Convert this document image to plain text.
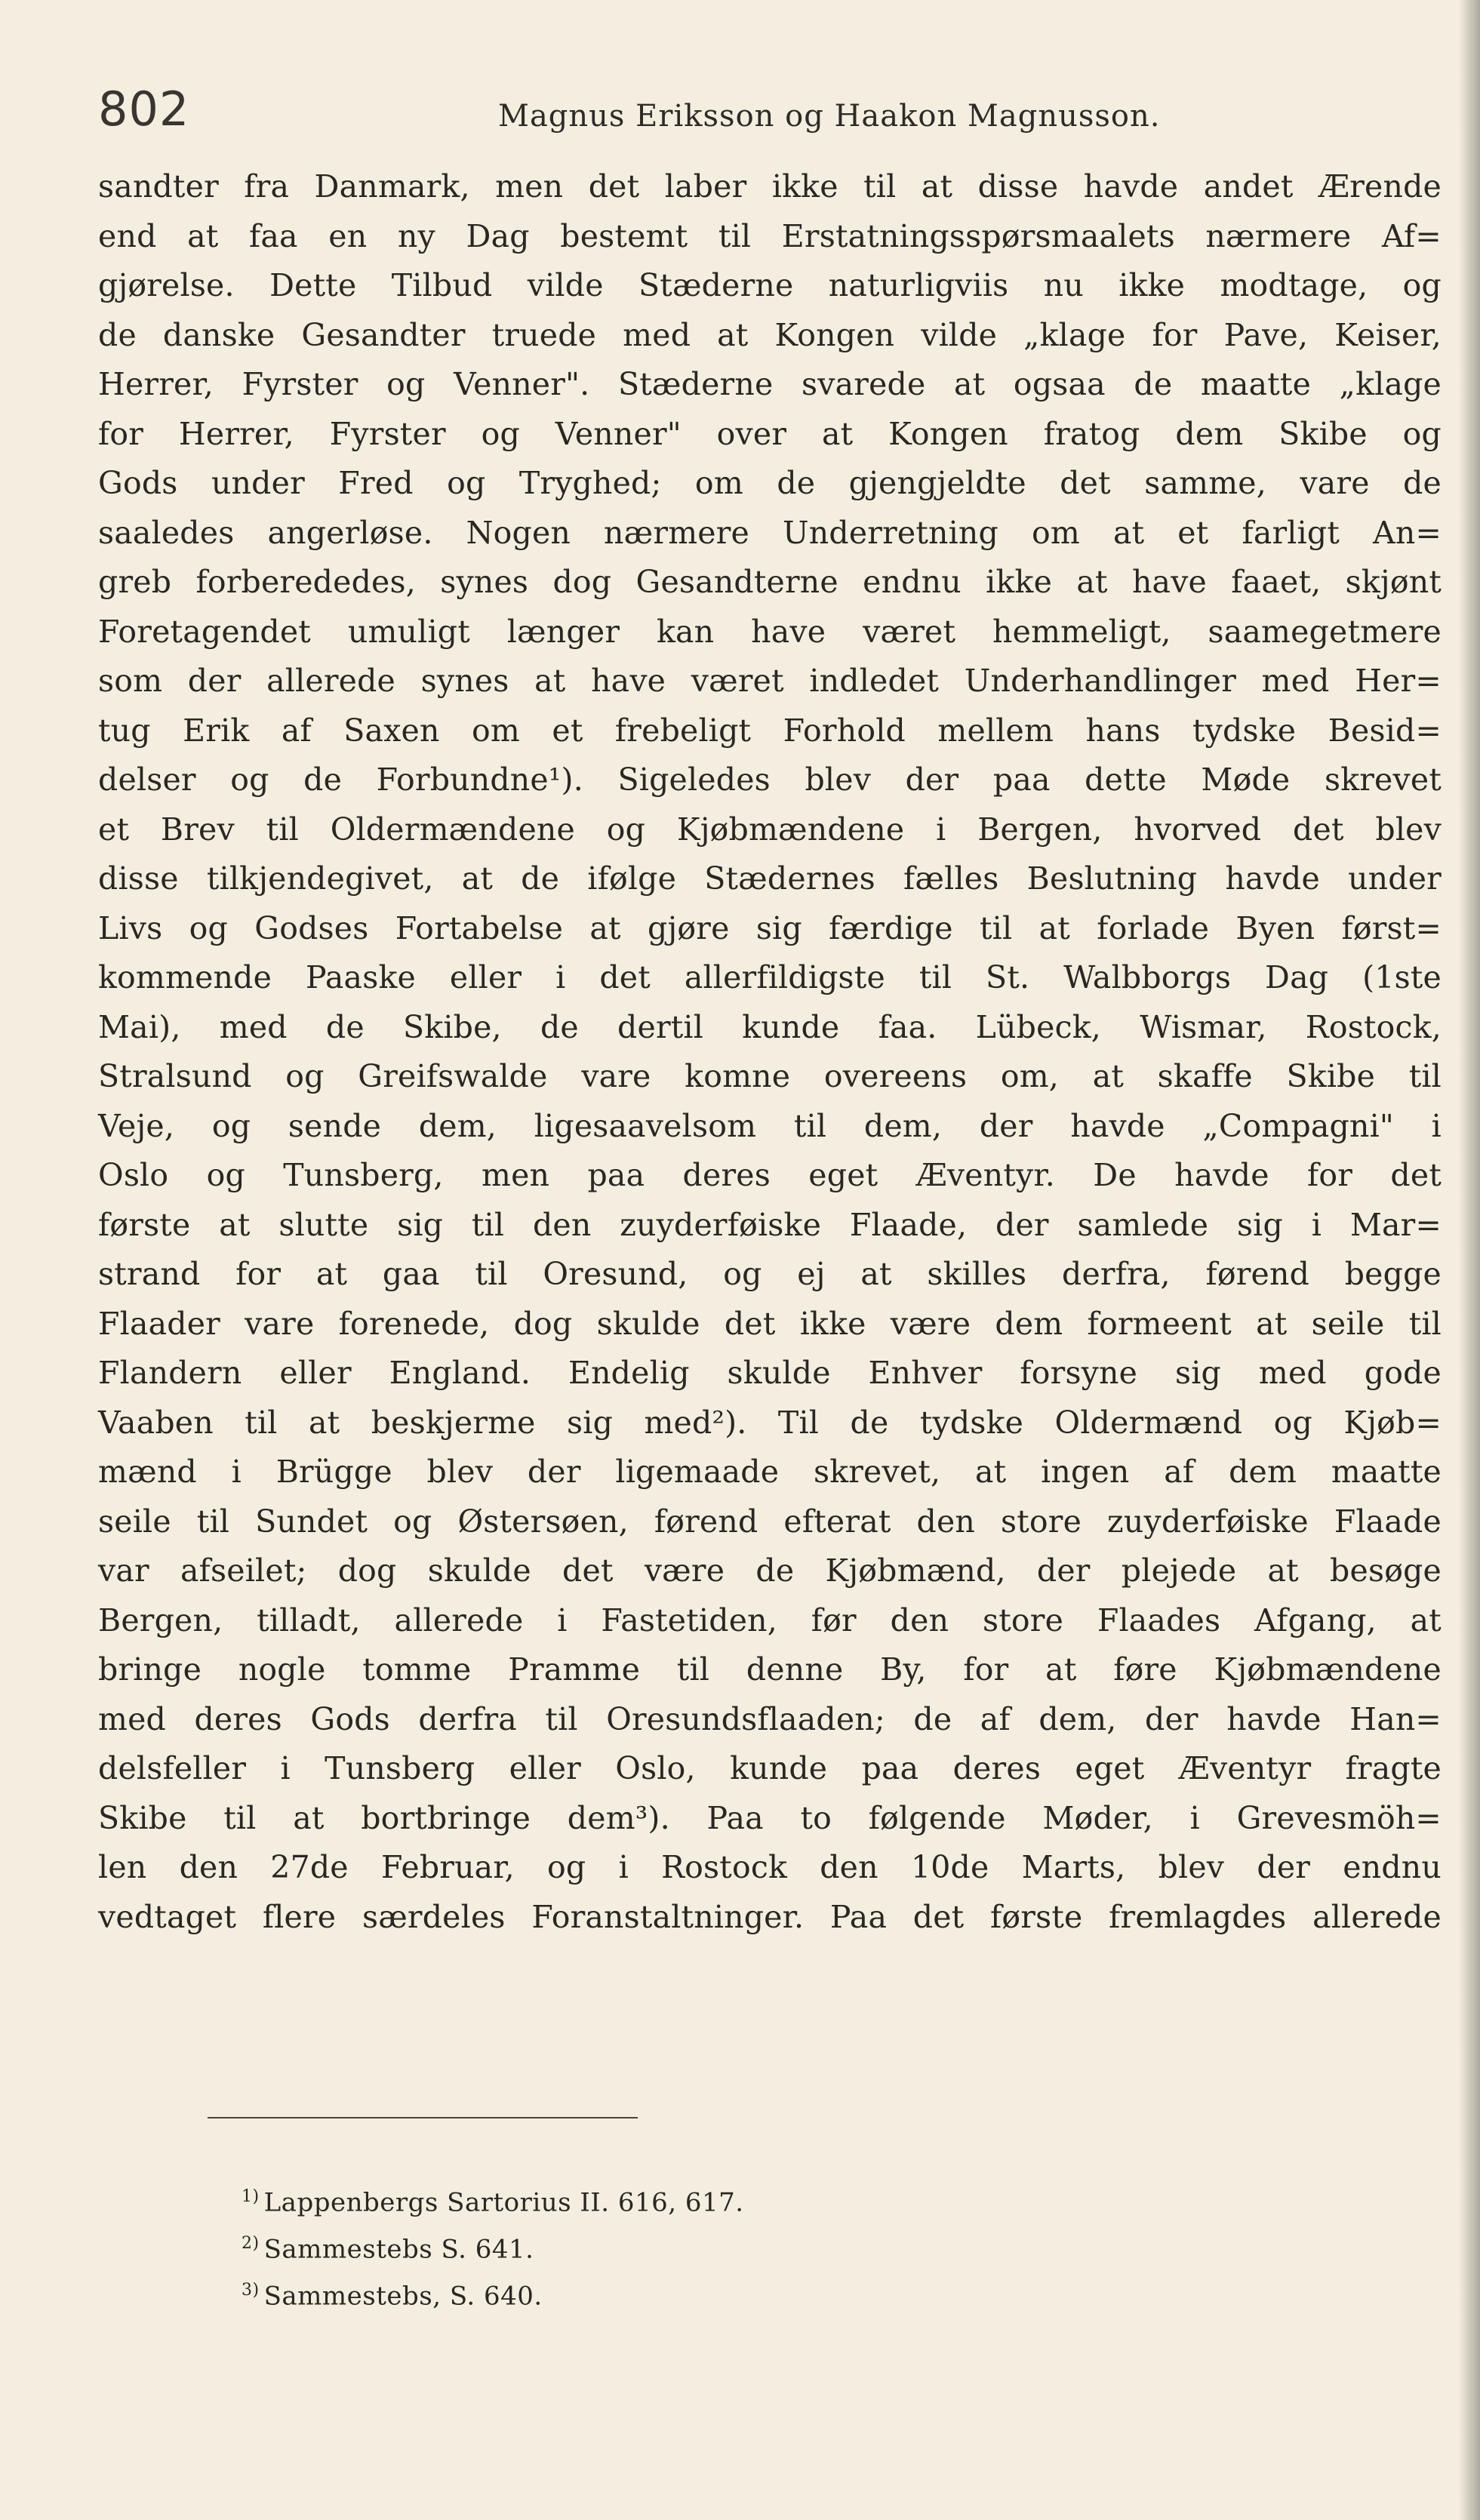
802	Magnus Eriksson og Haakon Magnusson.
sandter fra Danmark, men det laber ikke til at disse havde andet Ærende
end at faa en ny Dag bestemt til Erstatningsspørsmaalets nærmere Af=
gjørelse. Dette Tilbud vilde Stæderne naturligviis nu ikke modtage, og
de danske Gesandter truede med at Kongen vilde „klage for Pave, Keiser,
Herrer, Fyrster og Venner". Stæderne svarede at ogsaa de maatte „klage
for Herrer, Fyrster og Venner" over at Kongen fratog dem Skibe og
Gods under Fred og Tryghed; om de gjengjeldte det samme, vare de
saaledes angerløse. Nogen nærmere Underretning om at et farligt An=
greb forberededes, synes dog Gesandterne endnu ikke at have faaet, skjønt
Foretagendet umuligt længer kan have været hemmeligt, saamegetmere
som der allerede synes at have været indledet Underhandlinger med Her=
tug Erik af Saxen om et frebeligt Forhold mellem hans tydske Besid=
delser og de Forbundne¹). Sigeledes blev der paa dette Møde skrevet
et Brev til Oldermændene og Kjøbmændene i Bergen, hvorved det blev
disse tilkjendegivet, at de ifølge Stædernes fælles Beslutning havde under
Livs og Godses Fortabelse at gjøre sig færdige til at forlade Byen først=
kommende Paaske eller i det allerfildigste til St. Walbborgs Dag (1ste
Mai), med de Skibe, de dertil kunde faa. Lübeck, Wismar, Rostock,
Stralsund og Greifswalde vare komne overeens om, at skaffe Skibe til
Veje, og sende dem, ligesaavelsom til dem, der havde „Compagni" i
Oslo og Tunsberg, men paa deres eget Æventyr. De havde for det
første at slutte sig til den zuyderføiske Flaade, der samlede sig i Mar=
strand for at gaa til Oresund, og ej at skilles derfra, førend begge
Flaader vare forenede, dog skulde det ikke være dem formeent at seile til
Flandern eller England. Endelig skulde Enhver forsyne sig med gode
Vaaben til at beskjerme sig med²). Til de tydske Oldermænd og Kjøb=
mænd i Brügge blev der ligemaade skrevet, at ingen af dem maatte
seile til Sundet og Østersøen, førend efterat den store zuyderføiske Flaade
var afseilet; dog skulde det være de Kjøbmænd, der plejede at besøge
Bergen, tilladt, allerede i Fastetiden, før den store Flaades Afgang, at
bringe nogle tomme Pramme til denne By, for at føre Kjøbmændene
med deres Gods derfra til Oresundsflaaden; de af dem, der havde Han=
delsfeller i Tunsberg eller Oslo, kunde paa deres eget Æventyr fragte
Skibe til at bortbringe dem³). Paa to følgende Møder, i Grevesmöh=
len den 27de Februar, og i Rostock den 10de Marts, blev der endnu
vedtaget flere særdeles Foranstaltninger. Paa det første fremlagdes allerede
$^{1)}$ Lappenbergs Sartorius II. 616, 617.
$^{2)}$ Sammestebs S. 641.
$^{3)}$ Sammestebs, S. 640.
